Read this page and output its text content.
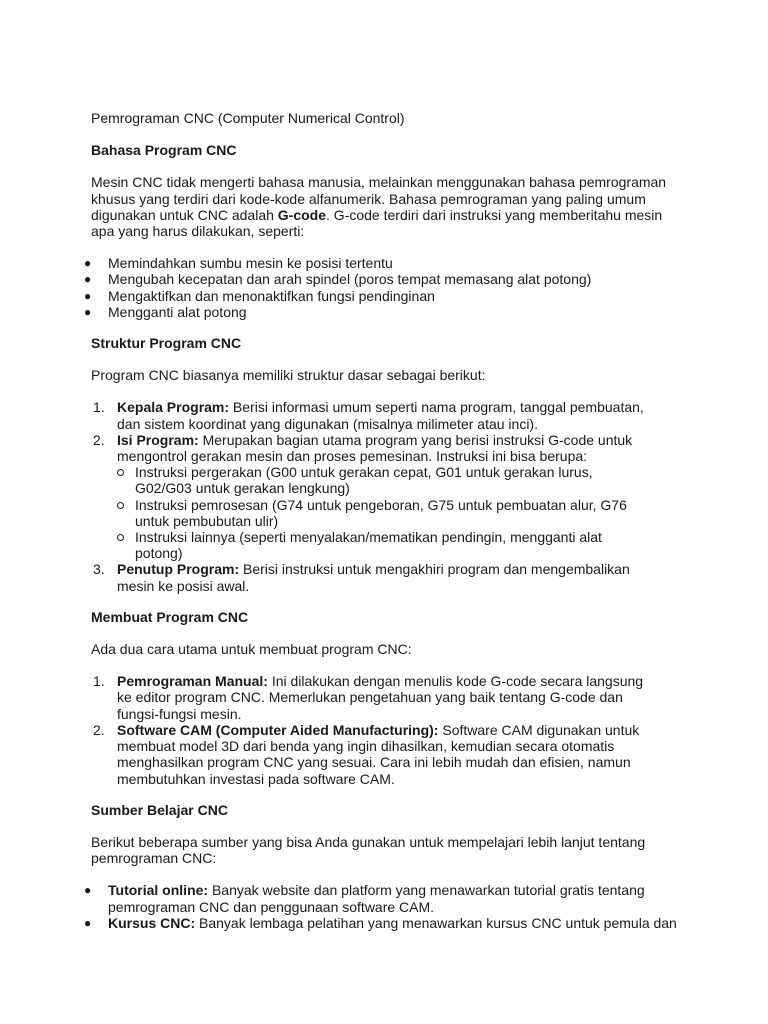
Pemrograman CNC (Computer Numerical Control)

Bahasa Program CNC

Mesin CNC tidak mengerti bahasa manusia, melainkan menggunakan bahasa pemrograman khusus yang terdiri dari kode-kode alfanumerik. Bahasa pemrograman yang paling umum digunakan untuk CNC adalah G-code. G-code terdiri dari instruksi yang memberitahu mesin apa yang harus dilakukan, seperti:

●	Memindahkan sumbu mesin ke posisi tertentu
●	Mengubah kecepatan dan arah spindel (poros tempat memasang alat potong)
●	Mengaktifkan dan menonaktifkan fungsi pendinginan
●	Mengganti alat potong
Struktur Program CNC

Program CNC biasanya memiliki struktur dasar sebagai berikut:

1. Kepala Program: Berisi informasi umum seperti nama program, tanggal pembuatan, dan sistem koordinat yang digunakan (misalnya milimeter atau inci).
2. Isi Program: Merupakan bagian utama program yang berisi instruksi G-code untuk mengontrol gerakan mesin dan proses pemesinan. Instruksi ini bisa berupa:
Instruksi pergerakan (G00 untuk gerakan cepat, G01 untuk gerakan lurus, G02/G03 untuk gerakan lengkung)
Instruksi pemrosesan (G74 untuk pengeboran, G75 untuk pembuatan alur, G76 untuk pembubutan ulir)
Instruksi lainnya (seperti menyalakan/mematikan pendingin, mengganti alat potong)
3. Penutup Program: Berisi instruksi untuk mengakhiri program dan mengembalikan mesin ke posisi awal.
Membuat Program CNC

Ada dua cara utama untuk membuat program CNC:

1. Pemrograman Manual: Ini dilakukan dengan menulis kode G-code secara langsung ke editor program CNC. Memerlukan pengetahuan yang baik tentang G-code dan fungsi-fungsi mesin.
2. Software CAM (Computer Aided Manufacturing): Software CAM digunakan untuk membuat model 3D dari benda yang ingin dihasilkan, kemudian secara otomatis menghasilkan program CNC yang sesuai. Cara ini lebih mudah dan efisien, namun membutuhkan investasi pada software CAM.
Sumber Belajar CNC

Berikut beberapa sumber yang bisa Anda gunakan untuk mempelajari lebih lanjut tentang pemrograman CNC:

●	Tutorial online: Banyak website dan platform yang menawarkan tutorial gratis tentang pemrograman CNC dan penggunaan software CAM.
●	Kursus CNC: Banyak lembaga pelatihan yang menawarkan kursus CNC untuk pemula dan
